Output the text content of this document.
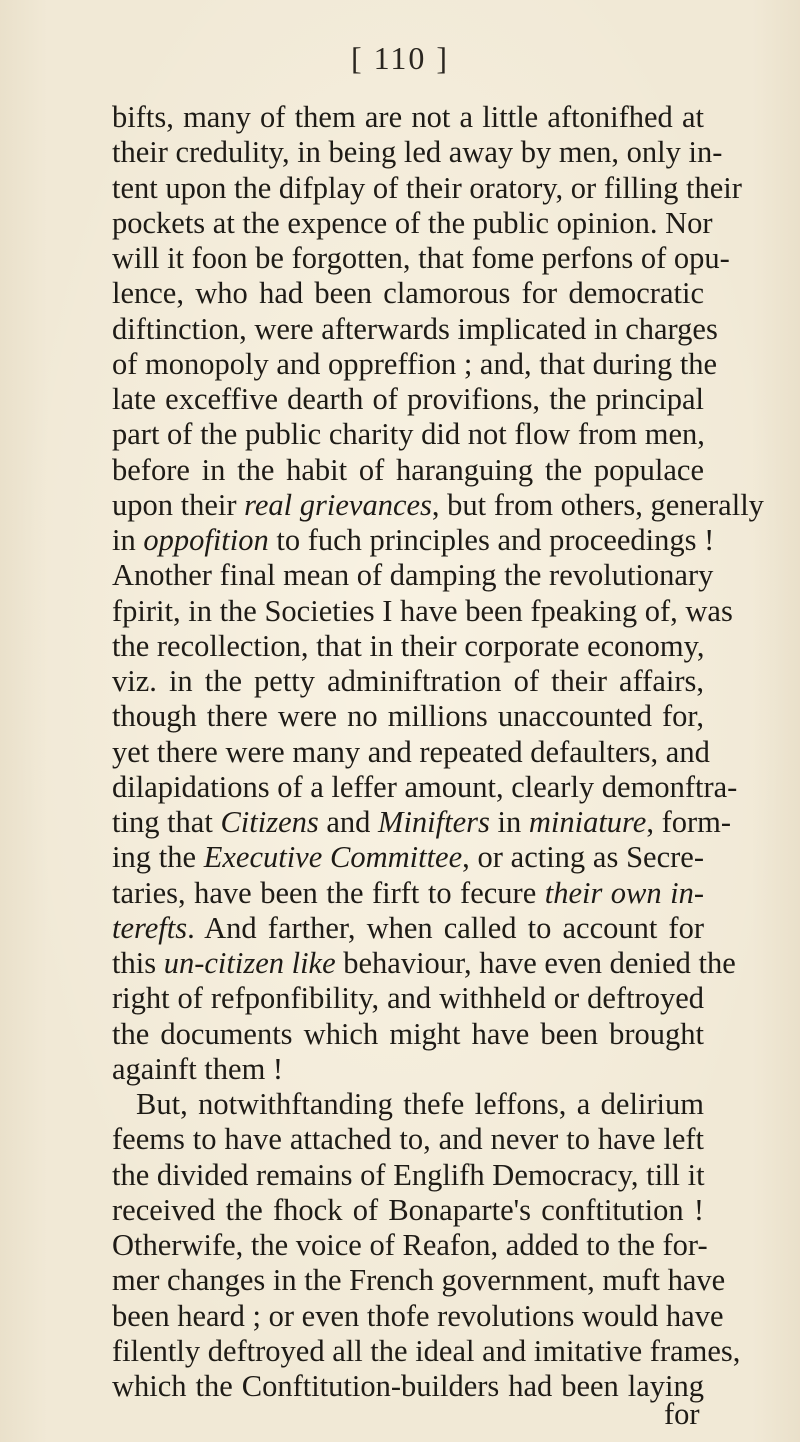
[ 110 ]
bifts, many of them are not a little aftonifhed at
their credulity, in being led away by men, only in-
tent upon the difplay of their oratory, or filling their
pockets at the expence of the public opinion. Nor
will it foon be forgotten, that fome perfons of opu-
lence, who had been clamorous for democratic
diftinction, were afterwards implicated in charges
of monopoly and oppreffion ; and, that during the
late exceffive dearth of provifions, the principal
part of the public charity did not flow from men,
before in the habit of haranguing the populace
upon their real grievances, but from others, generally
in oppofition to fuch principles and proceedings !
Another final mean of damping the revolutionary
fpirit, in the Societies I have been fpeaking of, was
the recollection, that in their corporate economy,
viz. in the petty adminiftration of their affairs,
though there were no millions unaccounted for,
yet there were many and repeated defaulters, and
dilapidations of a leffer amount, clearly demonftra-
ting that Citizens and Minifters in miniature, form-
ing the Executive Committee, or acting as Secre-
taries, have been the firft to fecure their own in-
terefts. And farther, when called to account for
this un-citizen like behaviour, have even denied the
right of refponfibility, and withheld or deftroyed
the documents which might have been brought
againft them !
But, notwithftanding thefe leffons, a delirium
feems to have attached to, and never to have left
the divided remains of Englifh Democracy, till it
received the fhock of Bonaparte's conftitution !
Otherwife, the voice of Reafon, added to the for-
mer changes in the French government, muft have
been heard ; or even thofe revolutions would have
filently deftroyed all the ideal and imitative frames,
which the Conftitution-builders had been laying
for
